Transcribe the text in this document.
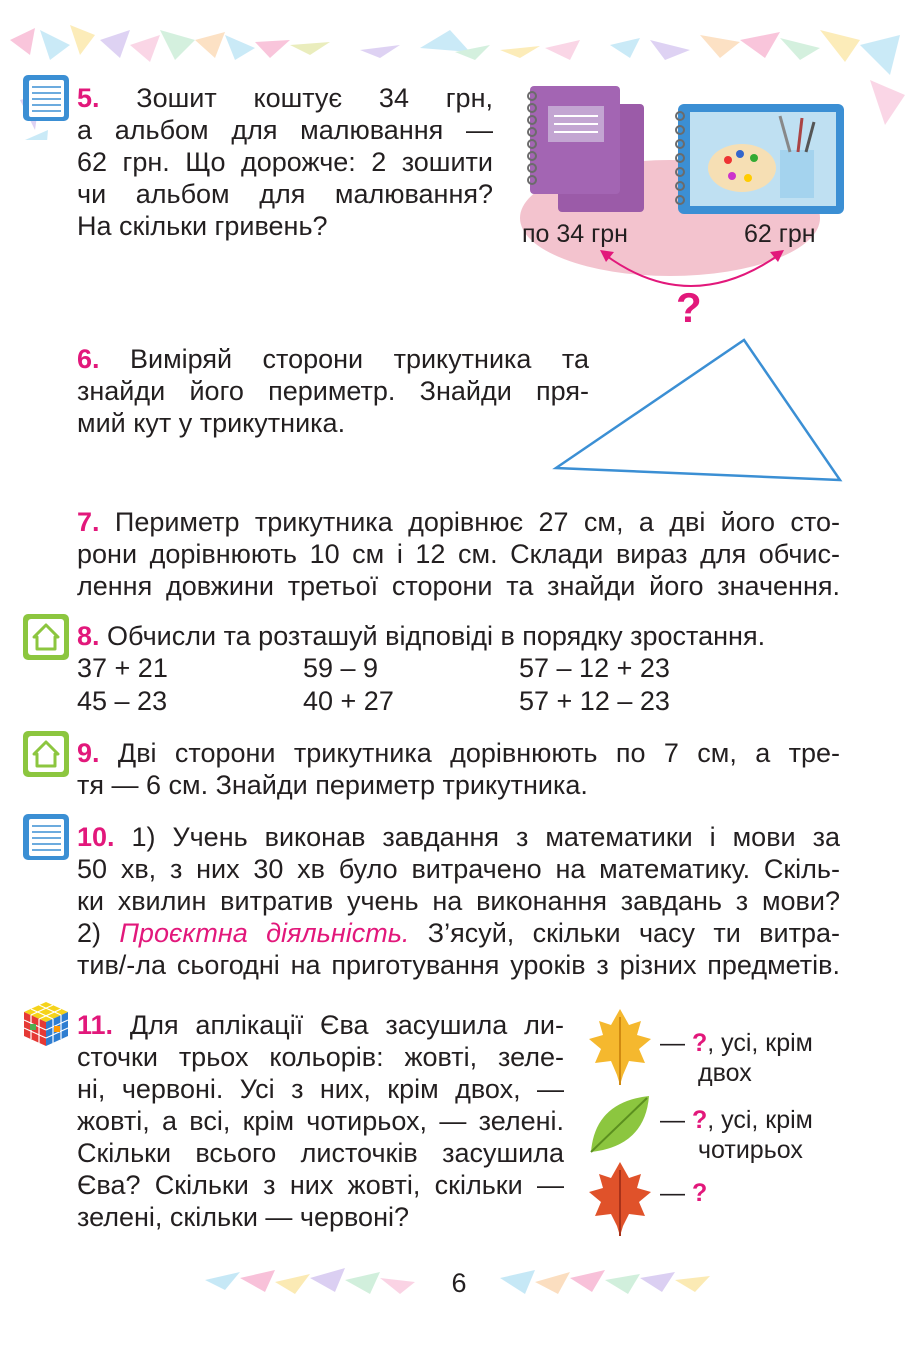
5. Зошит коштує 34 грн,
а альбом для малювання —
62 грн. Що дорожче: 2 зошити
чи альбом для малювання?
На скільки гривень?	по 34 грн	62 грн
?
6. Виміряй сторони трикутника та
знайди його периметр. Знайди пря-
мий кут у трикутника.
7. Периметр трикутника дорівнює 27 см, а дві його сто-
рони дорівнюють 10 см і 12 см. Склади вираз для обчис-
лення довжини третьої сторони та знайди його значення.
8. Обчисли та розташуй відповіді в порядку зростання.
37 + 21	59 – 9	57 – 12 + 23
45 – 23	40 + 27	57 + 12 – 23
9. Дві сторони трикутника дорівнюють по 7 см, а тре-
тя — 6 см. Знайди периметр трикутника.
10. 1) Учень виконав завдання з математики і мови за
50 хв, з них 30 хв було витрачено на математику. Скіль-
ки хвилин витратив учень на виконання завдань з мови?
2) Проєктна діяльність. З’ясуй, скільки часу ти витра-
тив/-ла сьогодні на приготування уроків з різних предметів.
11. Для аплікації Єва засушила ли-
сточки трьох кольорів: жовті, зеле-
ні, червоні. Усі з них, крім двох, —
жовті, а всі, крім чотирьох, — зелені.
Скільки всього листочків засушила
Єва? Скільки з них жовті, скільки —
зелені, скільки — червоні?
— ?, усі, крім
двох
— ?, усі, крім
чотирьох
— ?
6
